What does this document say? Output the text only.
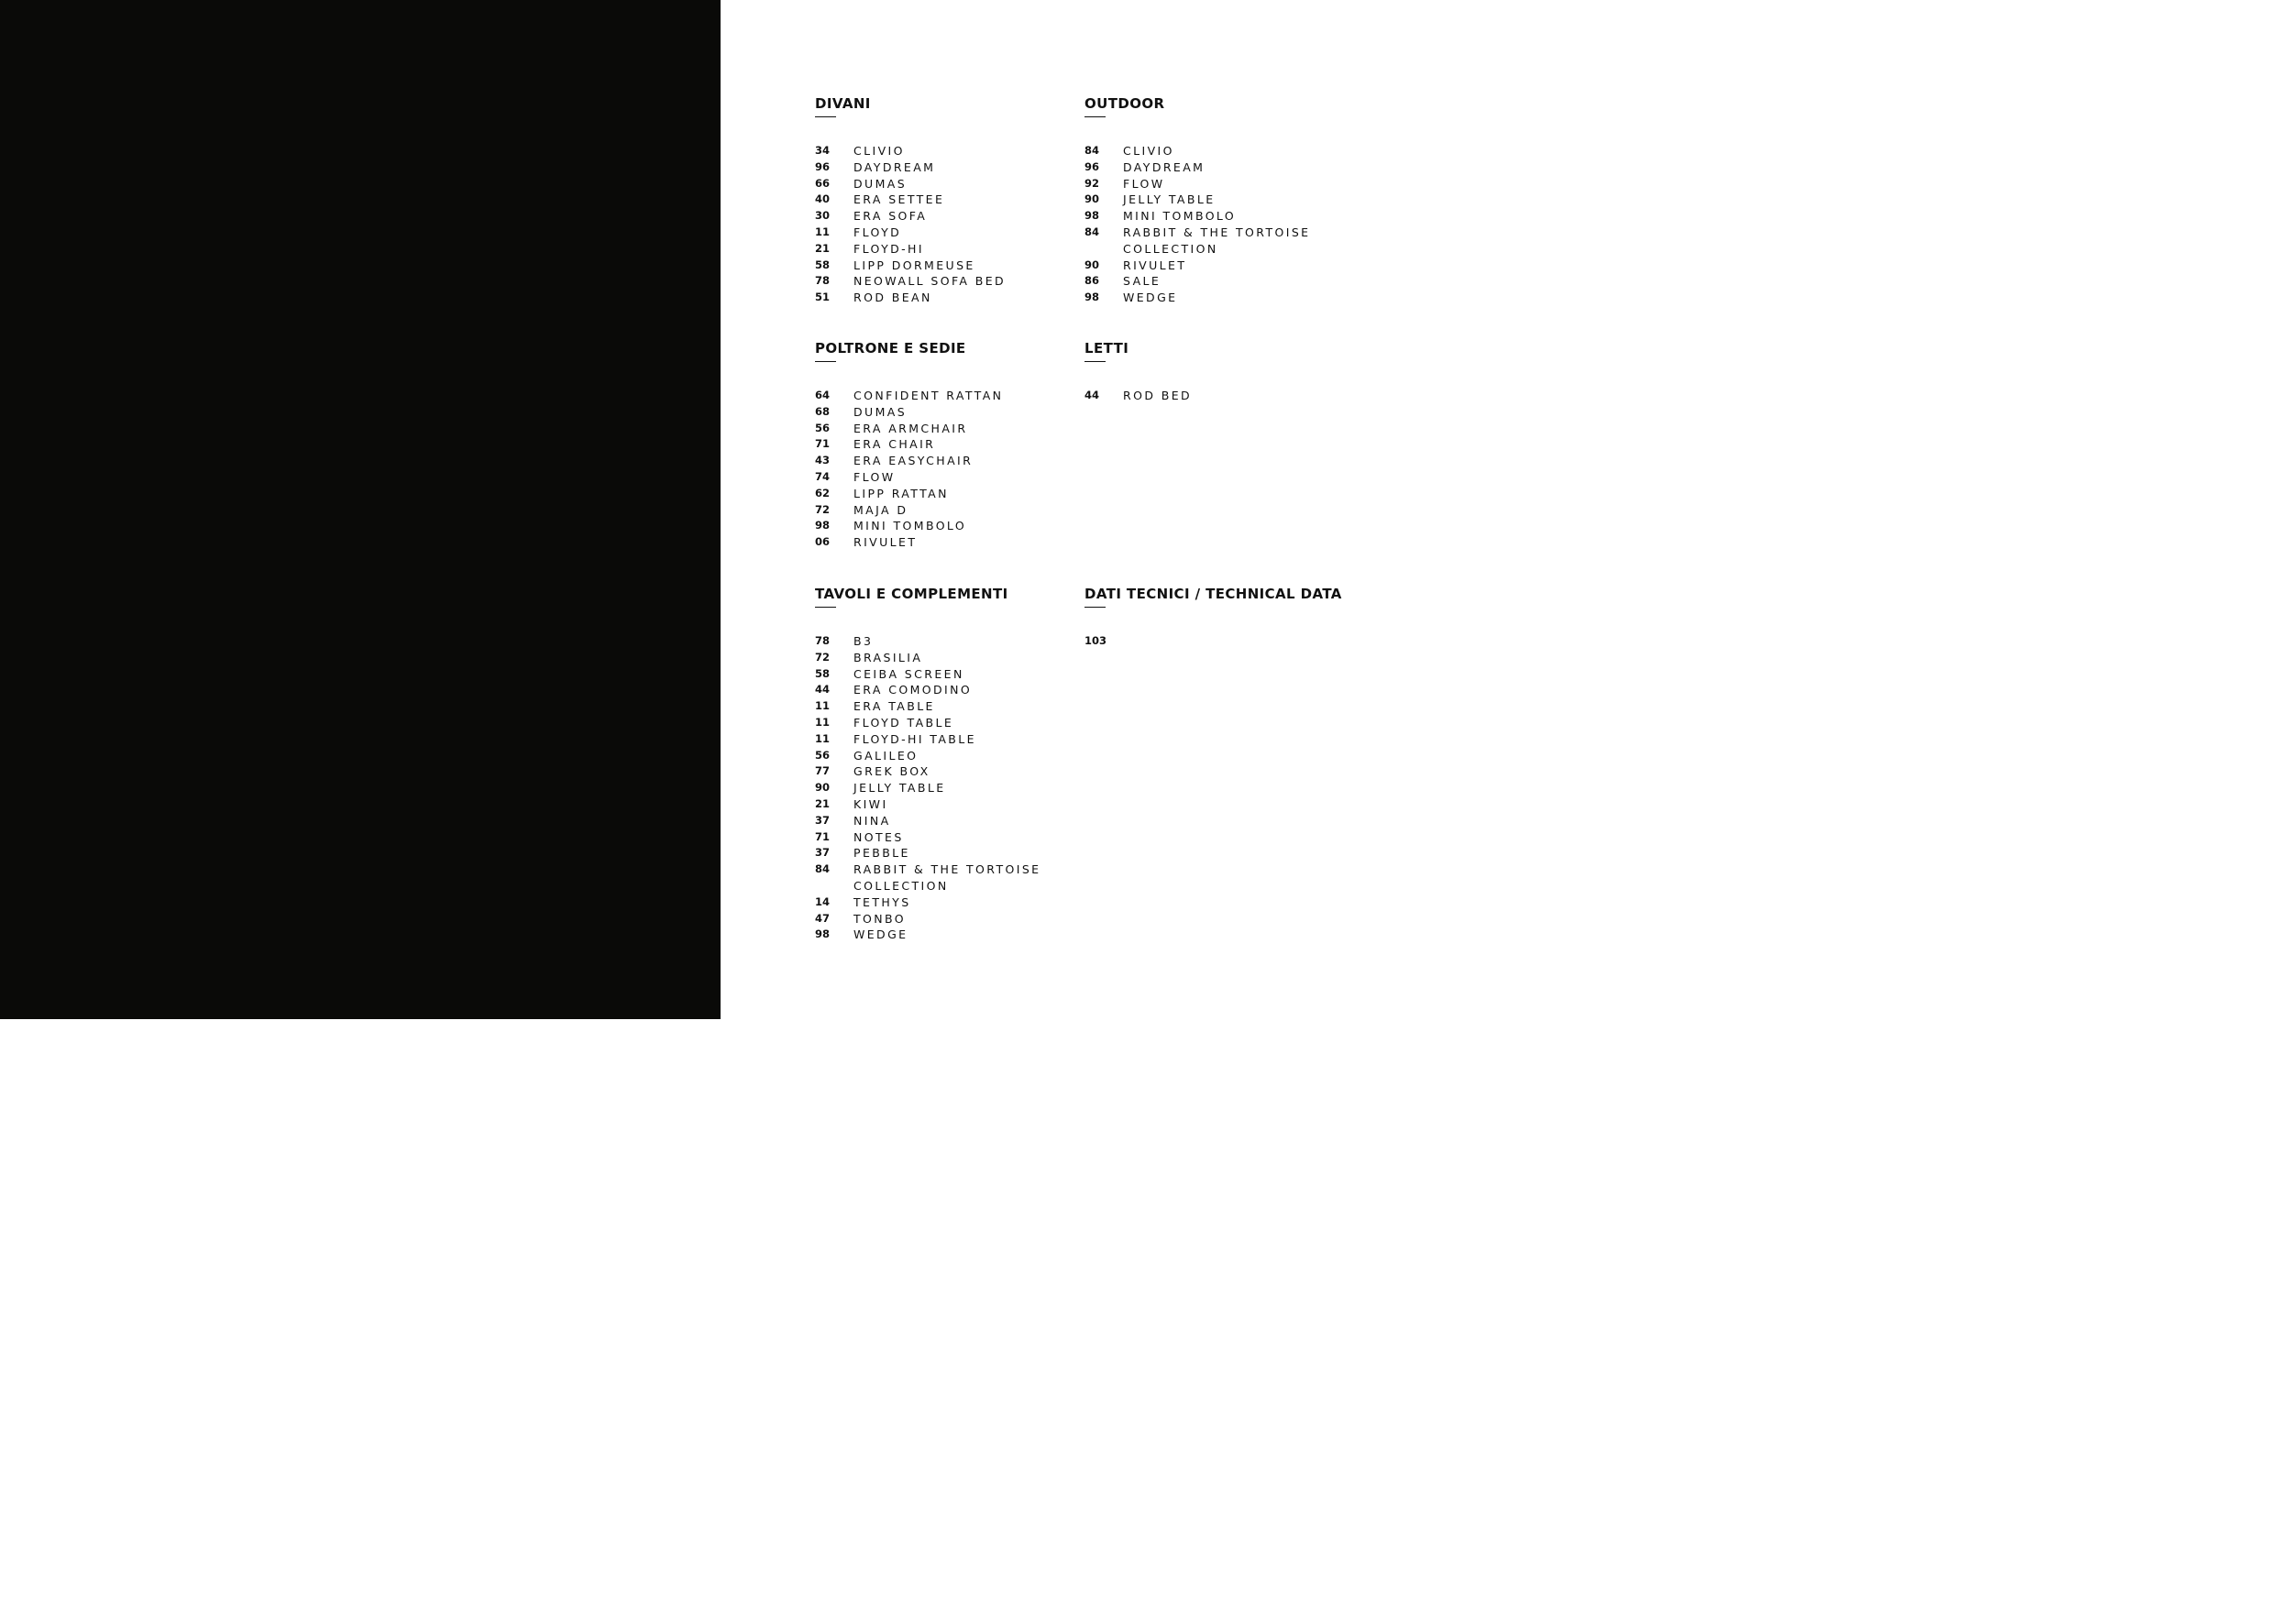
DIVANI
34	CLIVIO
96	DAYDREAM
66	DUMAS
40	ERA SETTEE
30	ERA SOFA
11	FLOYD
21	FLOYD-HI
58	LIPP DORMEUSE
78	NEOWALL SOFA BED
51	ROD BEAN
OUTDOOR
84	CLIVIO
96	DAYDREAM
92	FLOW
90	JELLY TABLE
98	MINI TOMBOLO
84	RABBIT & THE TORTOISE
COLLECTION
90	RIVULET
86	SALE
98	WEDGE
POLTRONE E SEDIE
64	CONFIDENT RATTAN
68	DUMAS
56	ERA ARMCHAIR
71	ERA CHAIR
43	ERA EASYCHAIR
74	FLOW
62	LIPP RATTAN
72	MAJA D
98	MINI TOMBOLO
06	RIVULET
LETTI
44	ROD BED
TAVOLI E COMPLEMENTI
78	B3
72	BRASILIA
58	CEIBA SCREEN
44	ERA COMODINO
11	ERA TABLE
11	FLOYD TABLE
11	FLOYD-HI TABLE
56	GALILEO
77	GREK BOX
90	JELLY TABLE
21	KIWI
37	NINA
71	NOTES
37	PEBBLE
84	RABBIT & THE TORTOISE
COLLECTION
14	TETHYS
47	TONBO
98	WEDGE
DATI TECNICI / TECHNICAL DATA
103
